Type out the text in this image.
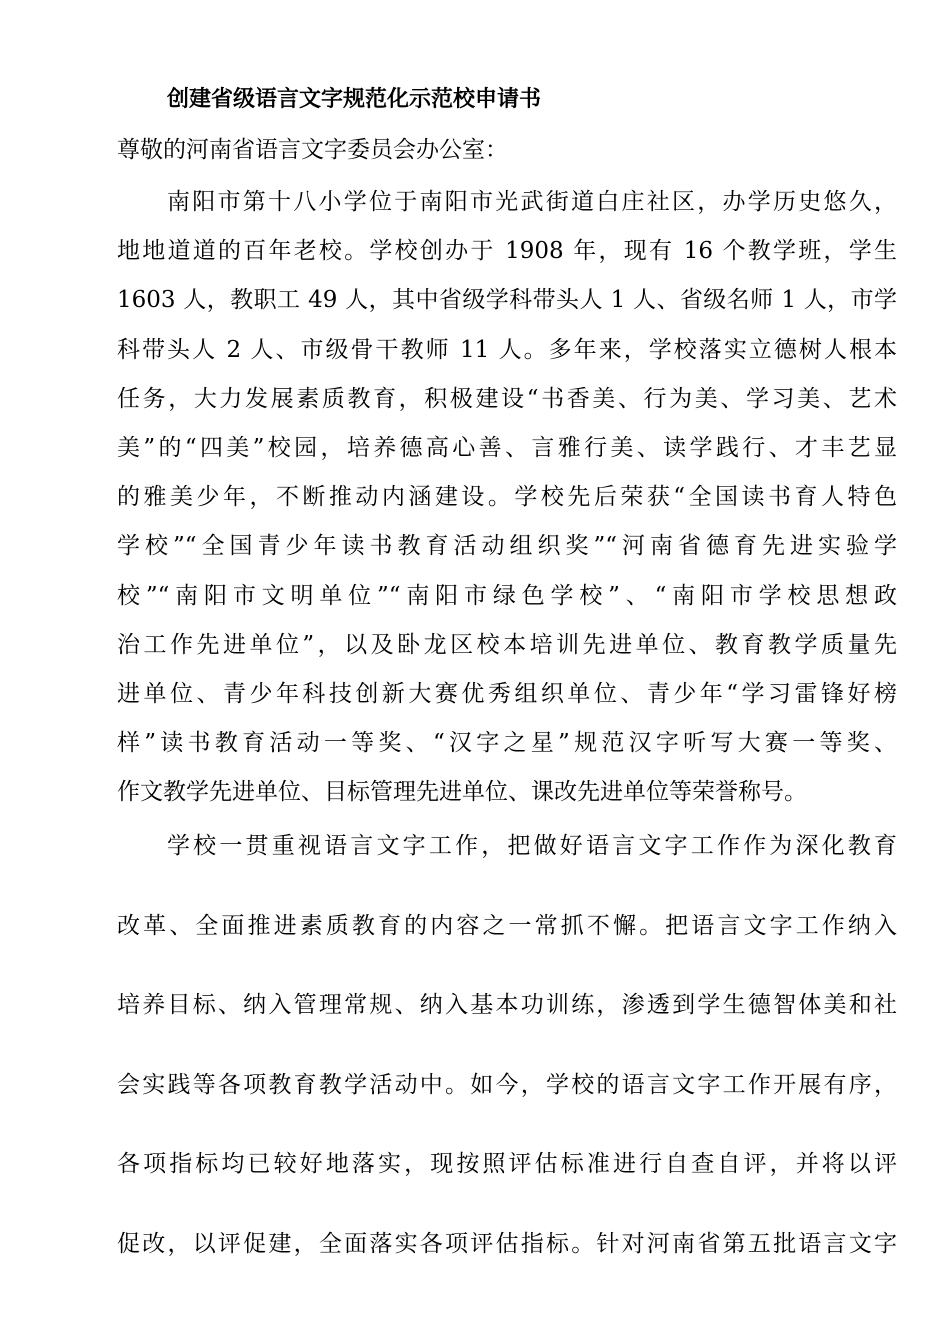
创建省级语言文字规范化示范校申请书
尊敬的河南省语言文字委员会办公室：
南阳市第十八小学位于南阳市光武街道白庄社区，办学历史悠久，
地地道道的百年老校。学校创办于 1908 年，现有 16 个教学班，学生
1603 人，教职工 49 人，其中省级学科带头人 1 人、省级名师 1 人，市学
科带头人 2 人、市级骨干教师 11 人。多年来，学校落实立德树人根本
任务，大力发展素质教育，积极建设“书香美、行为美、学习美、艺术
美”的“四美”校园，培养德高心善、言雅行美、读学践行、才丰艺显
的雅美少年，不断推动内涵建设。学校先后荣获“全国读书育人特色
学校”“全国青少年读书教育活动组织奖”“河南省德育先进实验学
校”“南阳市文明单位”“南阳市绿色学校”、“南阳市学校思想政
治工作先进单位”，以及卧龙区校本培训先进单位、教育教学质量先
进单位、青少年科技创新大赛优秀组织单位、青少年“学习雷锋好榜
样”读书教育活动一等奖、“汉字之星”规范汉字听写大赛一等奖、
作文教学先进单位、目标管理先进单位、课改先进单位等荣誉称号。
学校一贯重视语言文字工作，把做好语言文字工作作为深化教育
改革、全面推进素质教育的内容之一常抓不懈。把语言文字工作纳入
培养目标、纳入管理常规、纳入基本功训练，渗透到学生德智体美和社
会实践等各项教育教学活动中。如今，学校的语言文字工作开展有序，
各项指标均已较好地落实，现按照评估标准进行自查自评，并将以评
促改，以评促建，全面落实各项评估指标。针对河南省第五批语言文字
